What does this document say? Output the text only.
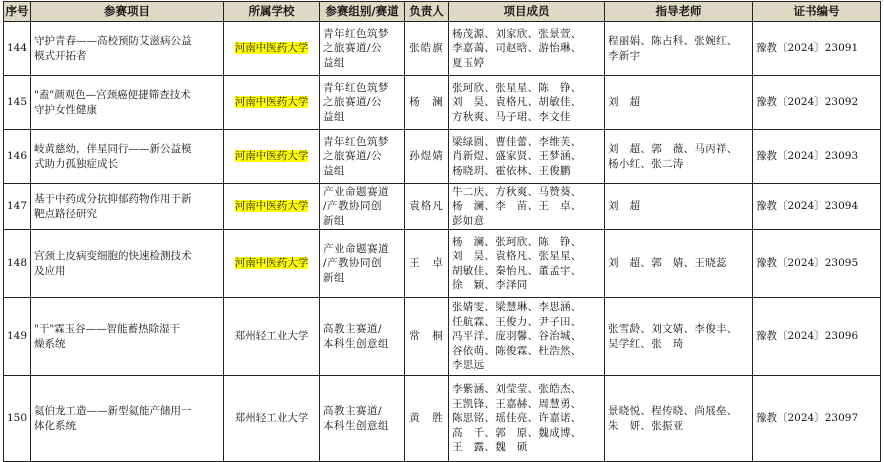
序号	参赛项目	所属学校	参赛组别/赛道	负责人	项目成员	指导老师	证书编号
144	守护青春——高校预防艾滋病公益
模式开拓者	河南中医药大学	青年红色筑梦
之旅赛道/公
益组	张皓旗	杨茂源、刘家欣、张景萱、
李嘉蔼、司赵晗、游怡琳、
夏玉婷	程丽娟、陈占科、张婉红、
李新宇	豫教〔2024〕23091
145	"盍"颜观色—宫颈癌便捷筛查技术
守护女性健康	河南中医药大学	青年红色筑梦
之旅赛道/公
益组	杨　澜	张珂欣、张星星、陈　铮、
刘　昊、袁格凡、胡敏佳、
方秋爽、马子珺、李文佳	刘　超	豫教〔2024〕23092
146	岐黄慈幼，伴星同行——新公益模
式助力孤独症成长	河南中医药大学	青年红色筑梦
之旅赛道/公
益组	孙煜婧	梁绿圆、曹佳蕾、李维芙、
肖新煜、盛家贤、王梦涵、
杨晓玥、霍依林、王俊鹏	刘　超、郭　薇、马丙祥、
杨小红、张二涛	豫教〔2024〕23093
147	基于中药成分抗抑郁药物作用于新
靶点路径研究	河南中医药大学	产业命题赛道
/产教协同创
新组	袁格凡	牛二庆、方秋爽、马赞葵、
杨　澜、李　苗、王　卓、
彭如意	刘　超	豫教〔2024〕23094
148	宫颈上皮病变细胞的快速检测技术
及应用	河南中医药大学	产业命题赛道
/产教协同创
新组	王　卓	杨　澜、张珂欣、陈　铮、
刘　昊、袁格凡、张星星、
胡敏佳、秦怡凡、董孟宇、
徐　颖、李泽同	刘　超、郭　婧、王晓蕊	豫教〔2024〕23095
149	"干"霖玉谷——智能蓄热除湿干
燥系统	郑州轻工业大学	高教主赛道/
本科生创意组	常　桐	张婧雯、梁慧琳、李思涵、
任航霖、王俊力、尹子田、
冯平洋、庞羽馨、谷治城、
谷依萌、陈俊霖、杜浩然、
李思远	张雪龄、刘文婧、李俊丰、
吴学红、张　琦	豫教〔2024〕23096
150	氦伯龙工造——新型氦能产储用一
体化系统	郑州轻工业大学	高教主赛道/
本科生创意组	黄　胜	李紫涵、刘莹莹、张皓杰、
王凯锋、王嘉赫、周慧勇、
陈思铭、瑶佳亮、许嘉诺、
高　千、郭　原、魏成博、
王　露、魏　硕	景晓悦、程传晓、尚展垒、
朱　妍、张振亚	豫教〔2024〕23097
